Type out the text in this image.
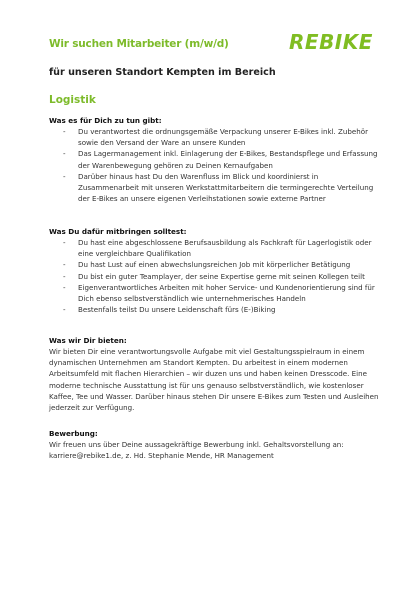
Wir suchen Mitarbeiter (m/w/d)	REBIKE
für unseren Standort Kempten im Bereich
Logistik

Was es für Dich zu tun gibt:

- Du verantwortest die ordnungsgemäße Verpackung unserer E-Bikes inkl. Zubehör sowie den Versand der Ware an unsere Kunden
- Das Lagermanagement inkl. Einlagerung der E-Bikes, Bestandspflege und Erfassung der Warenbewegung gehören zu Deinen Kernaufgaben
- Darüber hinaus hast Du den Warenfluss im Blick und koordinierst in Zusammenarbeit mit unseren Werkstattmitarbeitern die termingerechte Verteilung der E-Bikes an unsere eigenen Verleihstationen sowie externe Partner

Was Du dafür mitbringen solltest:

- Du hast eine abgeschlossene Berufsausbildung als Fachkraft für Lagerlogistik oder eine vergleichbare Qualifikation
- Du hast Lust auf einen abwechslungsreichen Job mit körperlicher Betätigung
- Du bist ein guter Teamplayer, der seine Expertise gerne mit seinen Kollegen teilt
- Eigenverantwortliches Arbeiten mit hoher Service- und Kundenorientierung sind für Dich ebenso selbstverständlich wie unternehmerisches Handeln
- Bestenfalls teilst Du unsere Leidenschaft fürs (E-)Biking

Was wir Dir bieten:

Wir bieten Dir eine verantwortungsvolle Aufgabe mit viel Gestaltungsspielraum in einem dynamischen Unternehmen am Standort Kempten. Du arbeitest in einem modernen Arbeitsumfeld mit flachen Hierarchien – wir duzen uns und haben keinen Dresscode. Eine moderne technische Ausstattung ist für uns genauso selbstverständlich, wie kostenloser Kaffee, Tee und Wasser. Darüber hinaus stehen Dir unsere E-Bikes zum Testen und Ausleihen jederzeit zur Verfügung.

Bewerbung:

Wir freuen uns über Deine aussagekräftige Bewerbung inkl. Gehaltsvorstellung an:

karriere@rebike1.de, z. Hd. Stephanie Mende, HR Management
